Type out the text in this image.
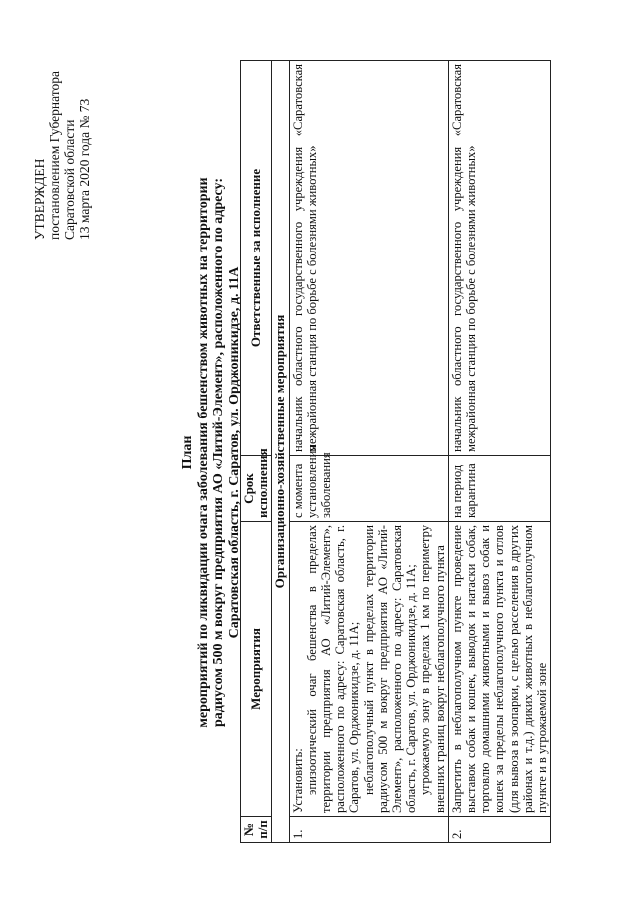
УТВЕРЖДЕН постановлением Губернатора Саратовской области 13 марта 2020 года № 73
План мероприятий по ликвидации очага заболевания бешенством животных на территории радиусом 500 м вокруг предприятия АО «Литий-Элемент», расположенного по адресу: Саратовская область, г. Саратов, ул. Орджоникидзе, д. 11А
№ п/п	Мероприятия	Срок исполнения	Ответственные за исполнение
Организационно-хозяйственные мероприятия			
1.	Установить: эпизоотический очаг бешенства в пределах территории предприятия АО «Литий-Элемент», расположенного по адресу: Саратовская область, г. Саратов, ул. Орджоникидзе, д. 11А; неблагополучный пункт в пределах территории радиусом 500 м вокруг предприятия АО «Литий-Элемент», расположенного по адресу: Саратовская область, г. Саратов, ул. Орджоникидзе, д. 11А; угрожаемую зону в пределах 1 км по периметру внешних границ вокруг неблагополучного пункта	с момента установления заболевания	начальник областного государственного учреждения «Саратовская межрайонная станция по борьбе с болезнями животных»
2.	Запретить в неблагополучном пункте проведение выставок собак и кошек, выводок и натаски собак, торговлю домашними животными и вывоз собак и кошек за пределы неблагополучного пункта и отлов (для вывоза в зоопарки, с целью расселения в других районах и т.д.) диких животных в неблагополучном пункте и в угрожаемой зоне	на период карантина	начальник областного государственного учреждения «Саратовская межрайонная станция по борьбе с болезнями животных»
